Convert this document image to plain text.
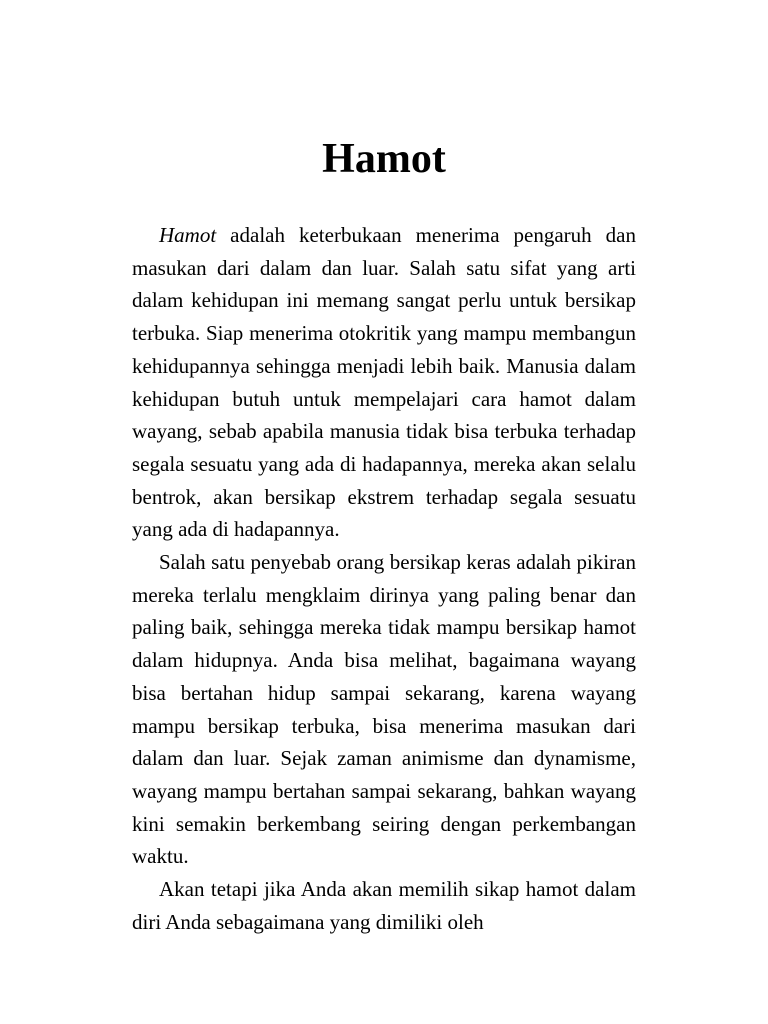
Hamot

Hamot adalah keterbukaan menerima pengaruh dan masukan dari dalam dan luar. Salah satu sifat yang arti dalam kehidupan ini memang sangat perlu untuk bersikap terbuka. Siap menerima otokritik yang mampu membangun kehidupannya sehingga menjadi lebih baik. Manusia dalam kehidupan butuh untuk mempelajari cara hamot dalam wayang, sebab apabila manusia tidak bisa terbuka terhadap segala sesuatu yang ada di hadapannya, mereka akan selalu bentrok, akan bersikap ekstrem terhadap segala sesuatu yang ada di hadapannya.

Salah satu penyebab orang bersikap keras adalah pikiran mereka terlalu mengklaim dirinya yang paling benar dan paling baik, sehingga mereka tidak mampu bersikap hamot dalam hidupnya. Anda bisa melihat, bagaimana wayang bisa bertahan hidup sampai sekarang, karena wayang mampu bersikap terbuka, bisa menerima masukan dari dalam dan luar. Sejak zaman animisme dan dynamisme, wayang mampu bertahan sampai sekarang, bahkan wayang kini semakin berkembang seiring dengan perkembangan waktu.

Akan tetapi jika Anda akan memilih sikap hamot dalam diri Anda sebagaimana yang dimiliki oleh
